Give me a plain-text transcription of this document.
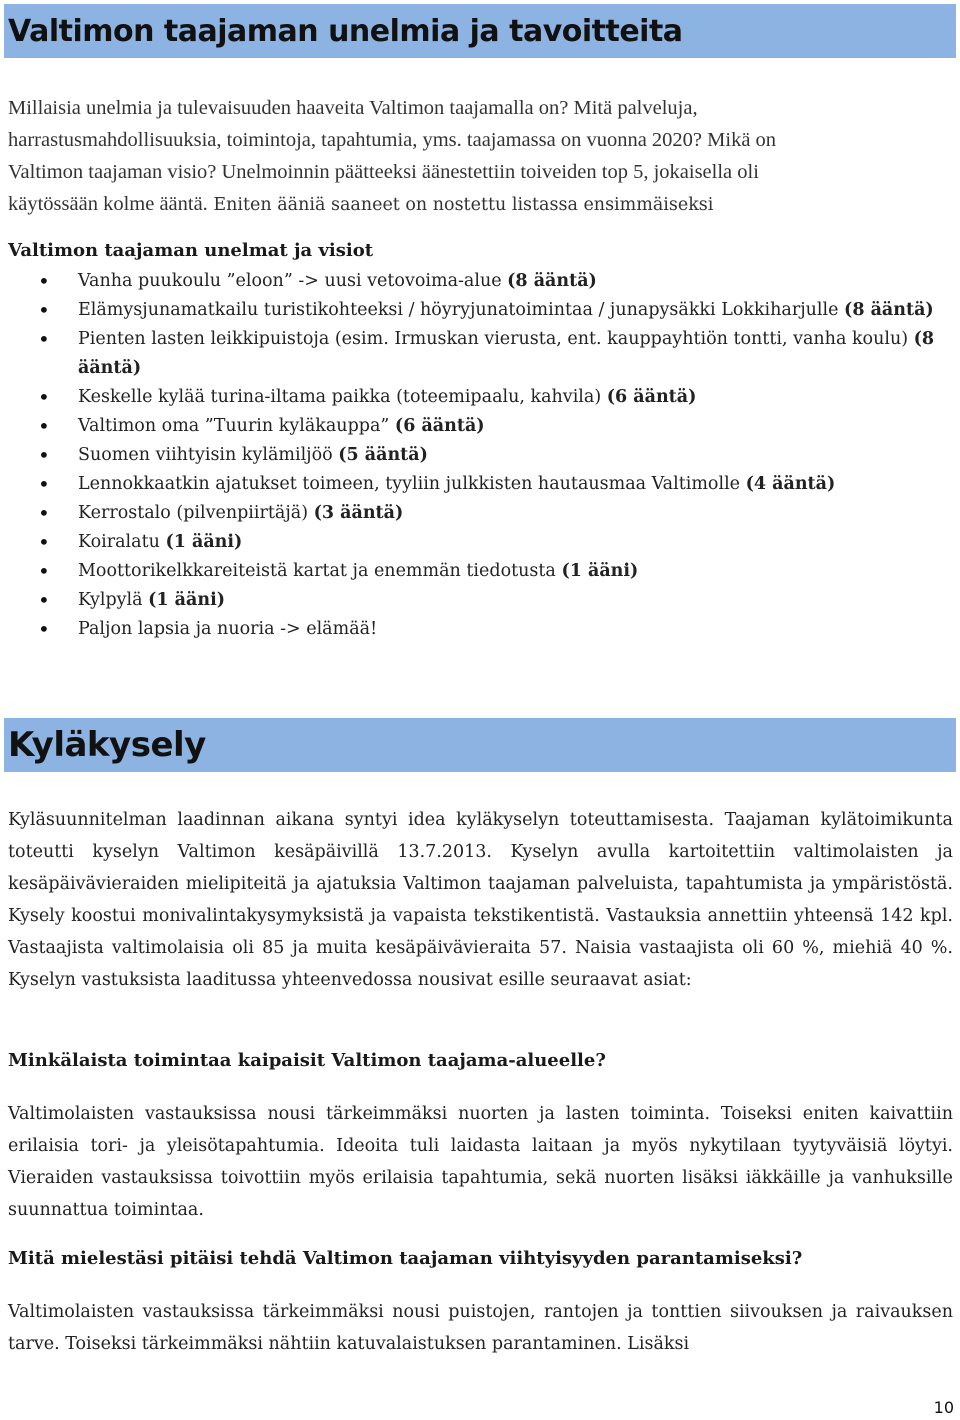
Valtimon taajaman unelmia ja tavoitteita

Millaisia unelmia ja tulevaisuuden haaveita Valtimon taajamalla on? Mitä palveluja,
harrastusmahdollisuuksia, toimintoja, tapahtumia, yms. taajamassa on vuonna 2020? Mikä on
Valtimon taajaman visio? Unelmoinnin päätteeksi äänestettiin toiveiden top 5, jokaisella oli
käytössään kolme ääntä. Eniten ääniä saaneet on nostettu listassa ensimmäiseksi

Valtimon taajaman unelmat ja visiot

• Vanha puukoulu ”eloon” -> uusi vetovoima-alue (8 ääntä)
• Elämysjunamatkailu turistikohteeksi / höyryjunatoimintaa / junapysäkki Lokkiharjulle (8 ääntä)
• Pienten lasten leikkipuistoja (esim. Irmuskan vierusta, ent. kauppayhtiön tontti, vanha koulu) (8 ääntä)
• Keskelle kylää turina-iltama paikka (toteemipaalu, kahvila) (6 ääntä)
• Valtimon oma ”Tuurin kyläkauppa” (6 ääntä)
• Suomen viihtyisin kylämiljöö (5 ääntä)
• Lennokkaatkin ajatukset toimeen, tyyliin julkkisten hautausmaa Valtimolle (4 ääntä)
• Kerrostalo (pilvenpiirtäjä) (3 ääntä)
• Koiralatu (1 ääni)
• Moottorikelkkareiteistä kartat ja enemmän tiedotusta (1 ääni)
• Kylpylä (1 ääni)
• Paljon lapsia ja nuoria -> elämää!
Kyläkysely

Kyläsuunnitelman laadinnan aikana syntyi idea kyläkyselyn toteuttamisesta. Taajaman kylätoimikunta toteutti kyselyn Valtimon kesäpäivillä 13.7.2013. Kyselyn avulla kartoitettiin valtimolaisten ja kesäpäivävieraiden mielipiteitä ja ajatuksia Valtimon taajaman palveluista, tapahtumista ja ympäristöstä. Kysely koostui monivalintakysymyksistä ja vapaista tekstikentistä. Vastauksia annettiin yhteensä 142 kpl. Vastaajista valtimolaisia oli 85 ja muita kesäpäivävieraita 57. Naisia vastaajista oli 60 %, miehiä 40 %. Kyselyn vastuksista laaditussa yhteenvedossa nousivat esille seuraavat asiat:

Minkälaista toimintaa kaipaisit Valtimon taajama-alueelle?

Valtimolaisten vastauksissa nousi tärkeimmäksi nuorten ja lasten toiminta. Toiseksi eniten kaivattiin erilaisia tori- ja yleisötapahtumia. Ideoita tuli laidasta laitaan ja myös nykytilaan tyytyväisiä löytyi. Vieraiden vastauksissa toivottiin myös erilaisia tapahtumia, sekä nuorten lisäksi iäkkäille ja vanhuksille suunnattua toimintaa.

Mitä mielestäsi pitäisi tehdä Valtimon taajaman viihtyisyyden parantamiseksi?

Valtimolaisten vastauksissa tärkeimmäksi nousi puistojen, rantojen ja tonttien siivouksen ja raivauksen tarve. Toiseksi tärkeimmäksi nähtiin katuvalaistuksen parantaminen. Lisäksi

10
